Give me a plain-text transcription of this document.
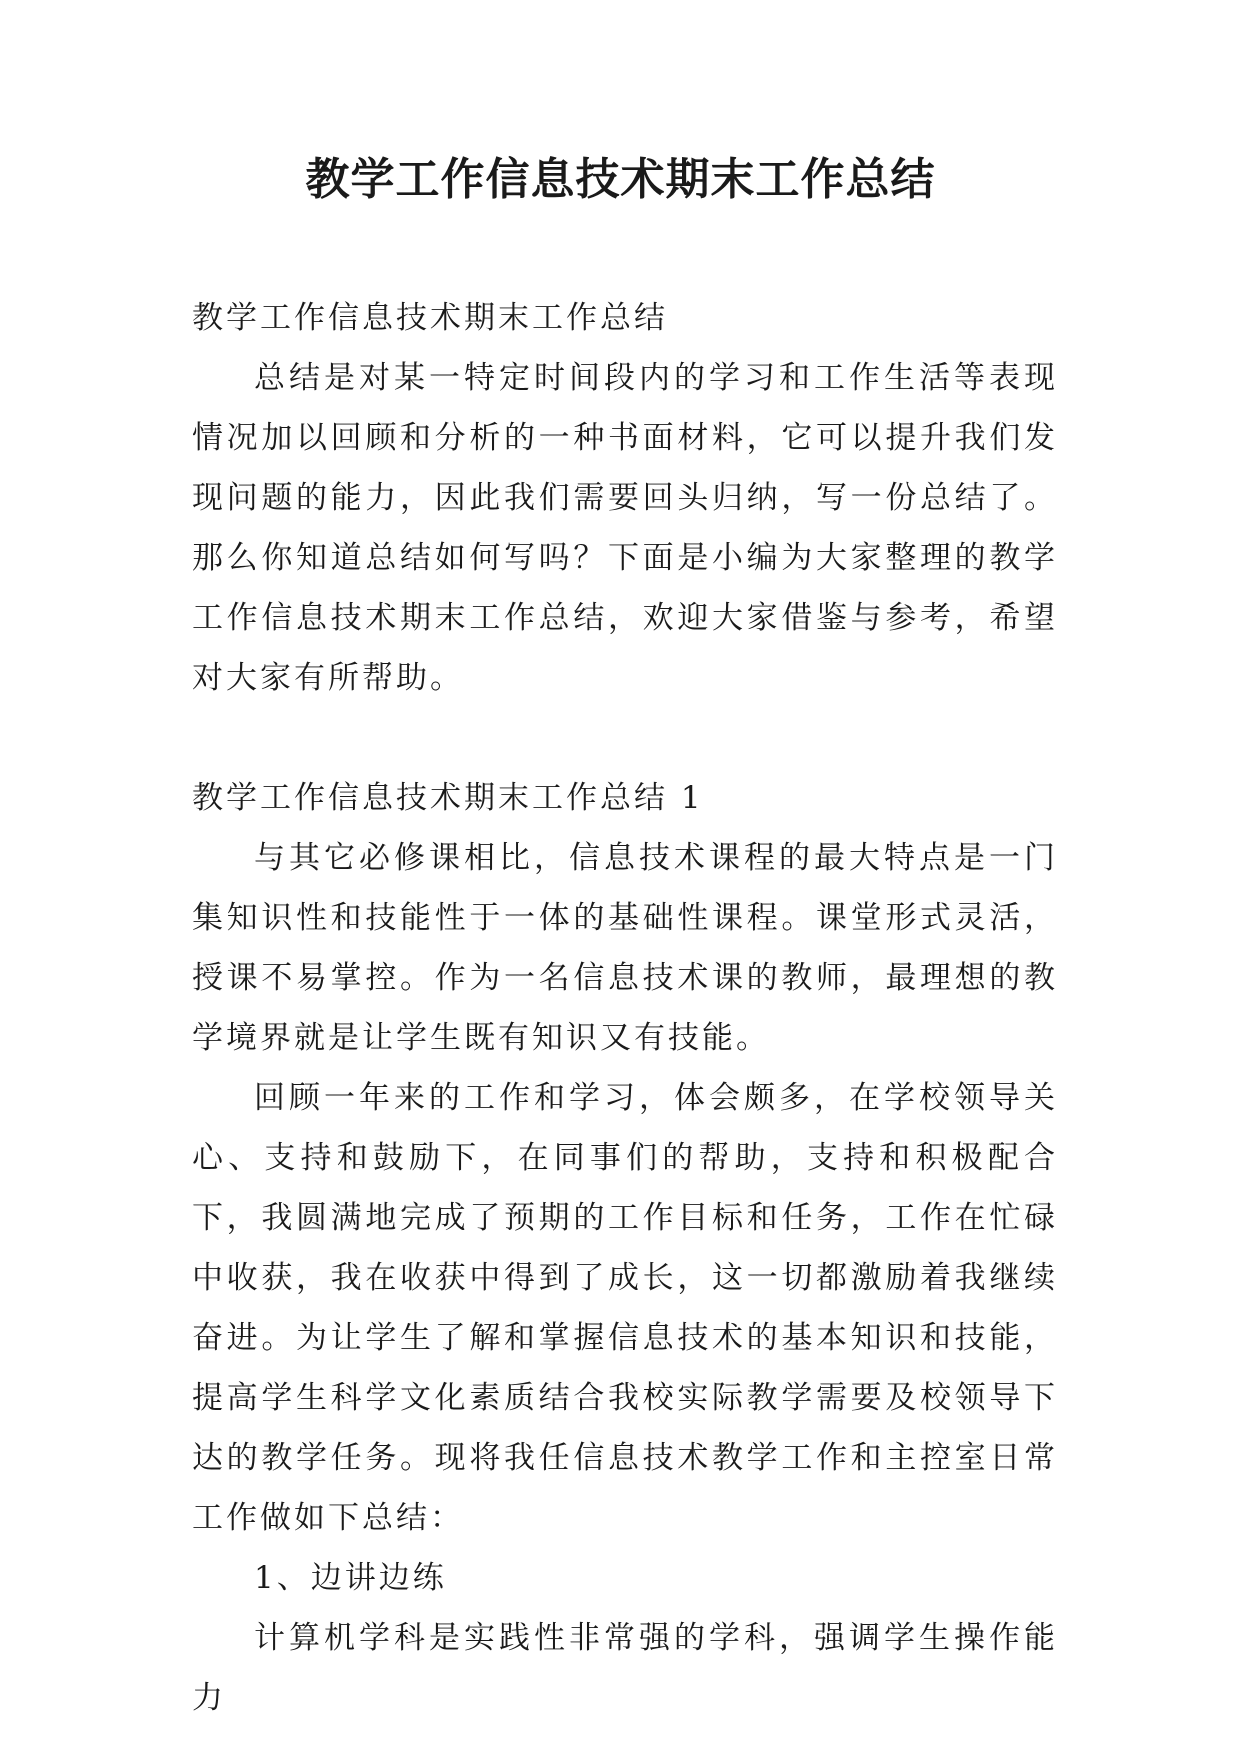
教学工作信息技术期末工作总结

教学工作信息技术期末工作总结

总结是对某一特定时间段内的学习和工作生活等表现情况加以回顾和分析的一种书面材料，它可以提升我们发现问题的能力，因此我们需要回头归纳，写一份总结了。那么你知道总结如何写吗？下面是小编为大家整理的教学工作信息技术期末工作总结，欢迎大家借鉴与参考，希望对大家有所帮助。

教学工作信息技术期末工作总结 1

与其它必修课相比，信息技术课程的最大特点是一门集知识性和技能性于一体的基础性课程。课堂形式灵活，授课不易掌控。作为一名信息技术课的教师，最理想的教学境界就是让学生既有知识又有技能。

回顾一年来的工作和学习，体会颇多，在学校领导关心、支持和鼓励下，在同事们的帮助，支持和积极配合下，我圆满地完成了预期的工作目标和任务，工作在忙碌中收获，我在收获中得到了成长，这一切都激励着我继续奋进。为让学生了解和掌握信息技术的基本知识和技能，提高学生科学文化素质结合我校实际教学需要及校领导下达的教学任务。现将我任信息技术教学工作和主控室日常工作做如下总结：

1、边讲边练

计算机学科是实践性非常强的学科，强调学生操作能力
